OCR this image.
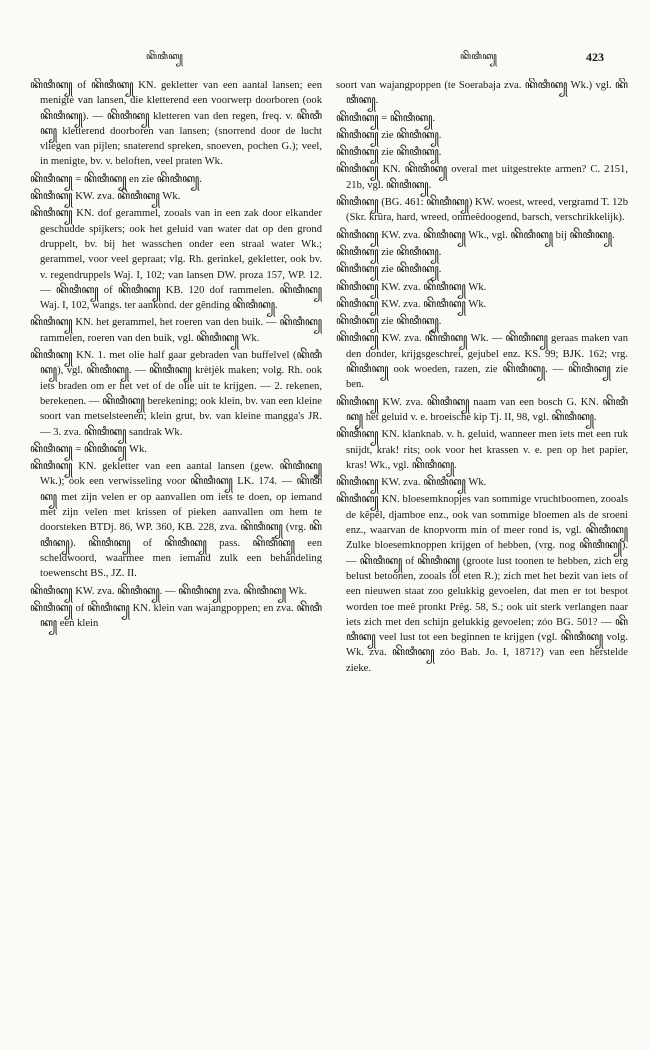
ꦏꦼꦠꦶꦏ꧀	ꦏꦼꦠꦶꦏ꧀	423

ꦏꦼꦠꦶꦏ꧀ of ꦏꦼꦠꦶꦏ꧀ KN. gekletter van een aantal lansen; een menigte van lansen, die kletterend een voorwerp doorboren (ook ꦏꦼꦠꦶꦏ꧀). — ꦏꦼꦠꦶꦏ꧀ kletteren van den regen, freq. v. ꦏꦼꦠꦶꦏ꧀ kletterend doorboren van lansen; (snorrend door de lucht vliegen van pijlen; snaterend spreken, snoeven, pochen G.); veel, in menigte, bv. v. beloften, veel praten Wk.

ꦏꦼꦠꦶꦏ꧀ = ꦏꦼꦠꦶꦏ꧀ en zie ꦏꦼꦠꦶꦏ꧀.

ꦏꦼꦠꦶꦏ꧀ KW. zva. ꦏꦼꦠꦶꦏ꧀ Wk.

ꦏꦼꦠꦶꦏ꧀ KN. dof gerammel, zooals van in een zak door elkander geschudde spijkers; ook het geluid van water dat op den grond druppelt, bv. bij het wasschen onder een straal water Wk.; gerammel, voor veel gepraat; vlg. Rh. gerinkel, gekletter, ook bv. v. regendruppels Waj. I, 102; van lansen DW. proza 157, WP. 12. — ꦏꦼꦠꦶꦏ꧀ of ꦏꦼꦠꦶꦏ꧀ KB. 120 dof rammelen. ꦏꦼꦠꦶꦏ꧀ Waj. I, 102, wangs. ter aankond. der gĕnding ꦏꦼꦠꦶꦏ꧀.

ꦏꦼꦠꦶꦏ꧀ KN. het gerammel, het roeren van den buik. — ꦏꦼꦠꦶꦏ꧀ rammelen, roeren van den buik, vgl. ꦏꦼꦠꦶꦏ꧀ Wk.

ꦏꦼꦠꦶꦏ꧀ KN. 1. met olie half gaar gebraden van buffelvel (ꦏꦼꦠꦶꦏ꧀), vgl. ꦏꦼꦠꦶꦏ꧀. — ꦏꦼꦠꦶꦏ꧀ krètjèk maken; volg. Rh. ook iets braden om er het vet of de olie uit te krijgen. — 2. rekenen, berekenen. — ꦏꦼꦠꦶꦏ꧀ berekening; ook klein, bv. van een kleine soort van metselsteenen; klein grut, bv. van kleine mangga's JR. — 3. zva. ꦏꦼꦠꦶꦏ꧀ sandrak Wk.

ꦏꦼꦠꦶꦏ꧀ = ꦏꦼꦠꦶꦏ꧀ Wk.

ꦏꦼꦠꦶꦏ꧀ KN. gekletter van een aantal lansen (gew. ꦏꦼꦠꦶꦏ꧀ Wk.); ook een verwisseling voor ꦏꦼꦠꦶꦏ꧀ LK. 174. — ꦏꦼꦠꦶꦏ꧀ met zijn velen er op aanvallen om iets te doen, op iemand met zijn velen met krissen of pieken aanvallen om hem te doorsteken BTDj. 86, WP. 360, KB. 228, zva. ꦏꦼꦠꦶꦏ꧀ (vrg. ꦏꦼꦠꦶꦏ꧀). ꦏꦼꦠꦶꦏ꧀ of ꦏꦼꦠꦶꦏ꧀ pass. ꦏꦼꦠꦶꦏ꧀ een scheldwoord, waarmee men iemand zulk een behandeling toewenscht BS., JZ. II.

ꦏꦼꦠꦶꦏ꧀ KW. zva. ꦏꦼꦠꦶꦏ꧀. — ꦏꦼꦠꦶꦏ꧀ zva. ꦏꦼꦠꦶꦏ꧀ Wk.

ꦏꦼꦠꦶꦏ꧀ of ꦏꦼꦠꦶꦏ꧀ KN. klein van wajangpoppen; en zva. ꦏꦼꦠꦶꦏ꧀ een klein

soort van wajangpoppen (te Soerabaja zva. ꦏꦼꦠꦶꦏ꧀ Wk.) vgl. ꦏꦼꦠꦶꦏ꧀.

ꦏꦼꦠꦶꦏ꧀ = ꦏꦼꦠꦶꦏ꧀.

ꦏꦼꦠꦶꦏ꧀ zie ꦏꦼꦠꦶꦏ꧀.

ꦏꦼꦠꦶꦏ꧀ zie ꦏꦼꦠꦶꦏ꧀.

ꦏꦼꦠꦶꦏ꧀ KN. ꦏꦼꦠꦶꦏ꧀ overal met uitgestrekte armen? C. 2151, 21b, vgl. ꦏꦼꦠꦶꦏ꧀.

ꦏꦼꦠꦶꦏ꧀ (BG. 461: ꦏꦼꦠꦶꦏ꧀) KW. woest, wreed, vergramd T. 12b (Skr. krûra, hard, wreed, onmeêdoogend, barsch, verschrikkelijk).

ꦏꦼꦠꦶꦏ꧀ KW. zva. ꦏꦼꦠꦶꦏ꧀ Wk., vgl. ꦏꦼꦠꦶꦏ꧀ bij ꦏꦼꦠꦶꦏ꧀.

ꦏꦼꦠꦶꦏ꧀ zie ꦏꦼꦠꦶꦏ꧀.

ꦏꦼꦠꦶꦏ꧀ zie ꦏꦼꦠꦶꦏ꧀.

ꦏꦼꦠꦶꦏ꧀ KW. zva. ꦏꦼꦠꦶꦏ꧀ Wk.

ꦏꦼꦠꦶꦏ꧀ KW. zva. ꦏꦼꦠꦶꦏ꧀ Wk.

ꦏꦼꦠꦶꦏ꧀ zie ꦏꦼꦠꦶꦏ꧀.

ꦏꦼꦠꦶꦏ꧀ KW. zva. ꦏꦼꦠꦶꦏ꧀ Wk. — ꦏꦼꦠꦶꦏ꧀ geraas maken van den donder, krijgsgeschrei, gejubel enz. KS. 99; BJK. 162; vrg. ꦏꦼꦠꦶꦏ꧀ ook woeden, razen, zie ꦏꦼꦠꦶꦏ꧀. — ꦏꦼꦠꦶꦏ꧀ zie ben.

ꦏꦼꦠꦶꦏ꧀ KW. zva. ꦏꦼꦠꦶꦏ꧀ naam van een bosch G. KN. ꦏꦼꦠꦶꦏ꧀ het geluid v. e. broeische kip Tj. II, 98, vgl. ꦏꦼꦠꦶꦏ꧀.

ꦏꦼꦠꦶꦏ꧀ KN. klanknab. v. h. geluid, wanneer men iets met een ruk snijdt, krak! rits; ook voor het krassen v. e. pen op het papier, kras! Wk., vgl. ꦏꦼꦠꦶꦏ꧀.

ꦏꦼꦠꦶꦏ꧀ KW. zva. ꦏꦼꦠꦶꦏ꧀ Wk.

ꦏꦼꦠꦶꦏ꧀ KN. bloesemknopjes van sommige vruchtboomen, zooals de kĕpĕl, djamboe enz., ook van sommige bloemen als de sroeni enz., waarvan de knopvorm min of meer rond is, vgl. ꦏꦼꦠꦶꦏ꧀ Zulke bloesemknoppen krijgen of hebben, (vrg. nog ꦏꦼꦠꦶꦏ꧀). — ꦏꦼꦠꦶꦏ꧀ of ꦏꦼꦠꦶꦏ꧀ (groote lust toonen te hebben, zich erg belust betoonen, zooals tot eten R.); zich met het bezit van iets of een nieuwen staat zoo gelukkig gevoelen, dat men er tot bespot worden toe meê pronkt Prêg. 58, S.; ook uit sterk verlangen naar iets zich met den schijn gelukkig gevoelen; zóo BG. 501? — ꦏꦼꦠꦶꦏ꧀ veel lust tot een beginnen te krijgen (vgl. ꦏꦼꦠꦶꦏ꧀ volg. Wk. zva. ꦏꦼꦠꦶꦏ꧀ zóo Bab. Jo. I, 1871?) van een herstelde zieke.
